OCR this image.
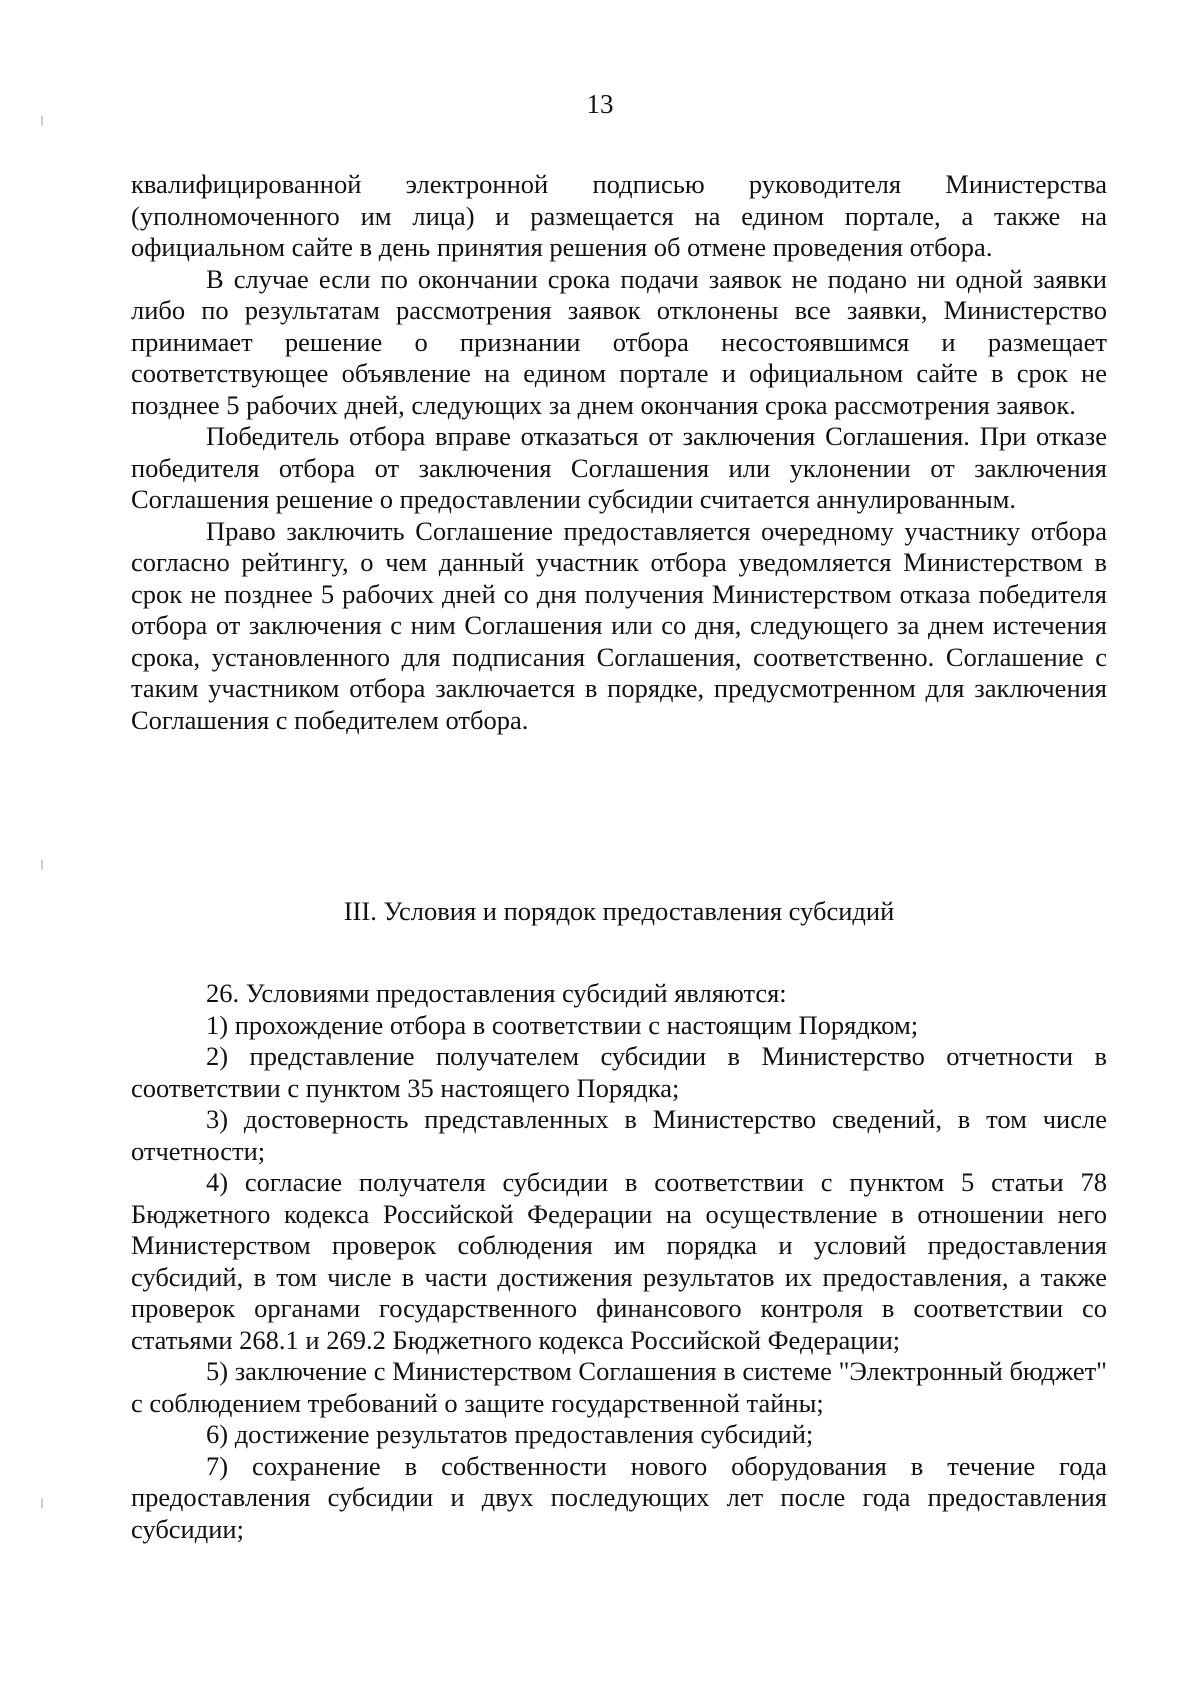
13

квалифицированной электронной подписью руководителя Министерства (уполномоченного им лица) и размещается на едином портале, а также на официальном сайте в день принятия решения об отмене проведения отбора.

В случае если по окончании срока подачи заявок не подано ни одной заявки либо по результатам рассмотрения заявок отклонены все заявки, Министерство принимает решение о признании отбора несостоявшимся и размещает соответствующее объявление на едином портале и официальном сайте в срок не позднее 5 рабочих дней, следующих за днем окончания срока рассмотрения заявок.

Победитель отбора вправе отказаться от заключения Соглашения. При отказе победителя отбора от заключения Соглашения или уклонении от заключения Соглашения решение о предоставлении субсидии считается аннулированным.

Право заключить Соглашение предоставляется очередному участнику отбора согласно рейтингу, о чем данный участник отбора уведомляется Министерством в срок не позднее 5 рабочих дней со дня получения Министерством отказа победителя отбора от заключения с ним Соглашения или со дня, следующего за днем истечения срока, установленного для подписания Соглашения, соответственно. Соглашение с таким участником отбора заключается в порядке, предусмотренном для заключения Соглашения с победителем отбора.

III. Условия и порядок предоставления субсидий

26. Условиями предоставления субсидий являются:

1) прохождение отбора в соответствии с настоящим Порядком;

2) представление получателем субсидии в Министерство отчетности в соответствии с пунктом 35 настоящего Порядка;

3) достоверность представленных в Министерство сведений, в том числе отчетности;

4) согласие получателя субсидии в соответствии с пунктом 5 статьи 78 Бюджетного кодекса Российской Федерации на осуществление в отношении него Министерством проверок соблюдения им порядка и условий предоставления субсидий, в том числе в части достижения результатов их предоставления, а также проверок органами государственного финансового контроля в соответствии со статьями 268.1 и 269.2 Бюджетного кодекса Российской Федерации;

5) заключение с Министерством Соглашения в системе "Электронный бюджет" с соблюдением требований о защите государственной тайны;

6) достижение результатов предоставления субсидий;

7) сохранение в собственности нового оборудования в течение года предоставления субсидии и двух последующих лет после года предоставления субсидии;
